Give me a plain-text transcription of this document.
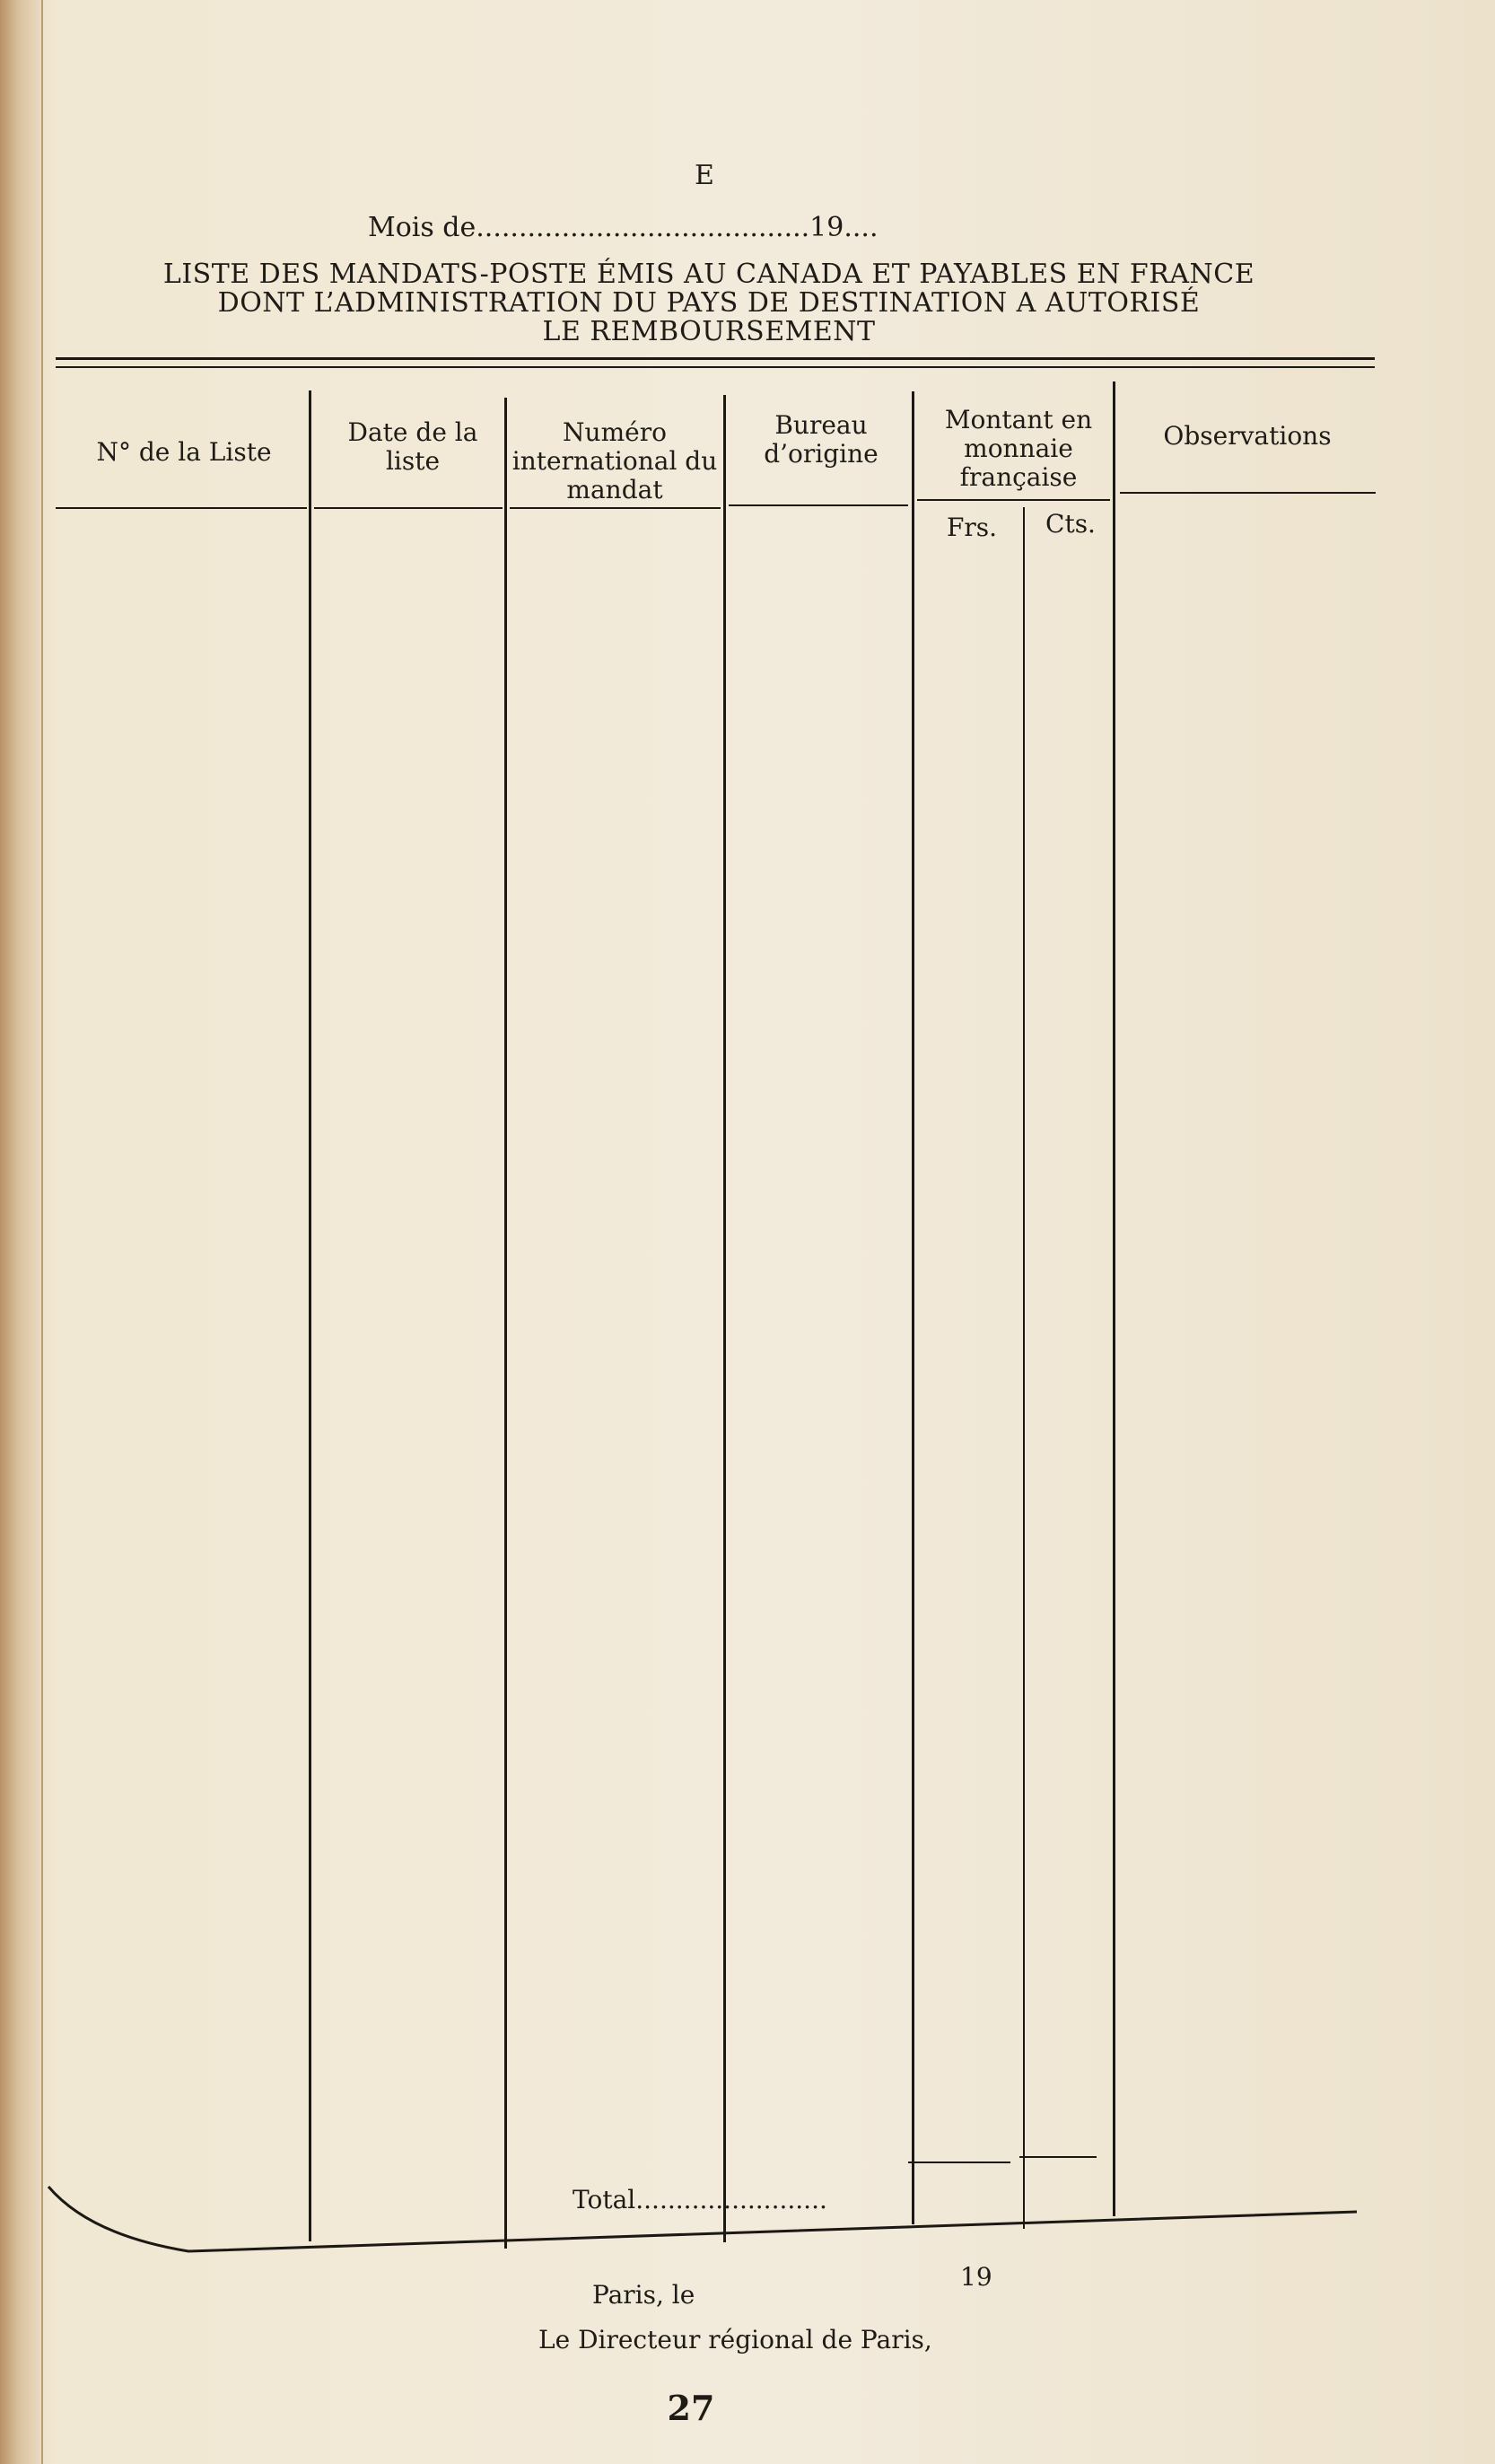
E
Mois de.......................................19....
LISTE DES MANDATS-POSTE ÉMIS AU CANADA ET PAYABLES EN FRANCE
DONT L’ADMINISTRATION DU PAYS DE DESTINATION A AUTORISÉ
LE REMBOURSEMENT
N° de la Liste
Date de la liste
Numéro international du mandat
Bureau d’origine
Montant en monnaie française
Observations
Frs.	Cts.
Total........................
Paris, le
19
Le Directeur régional de Paris,
27
